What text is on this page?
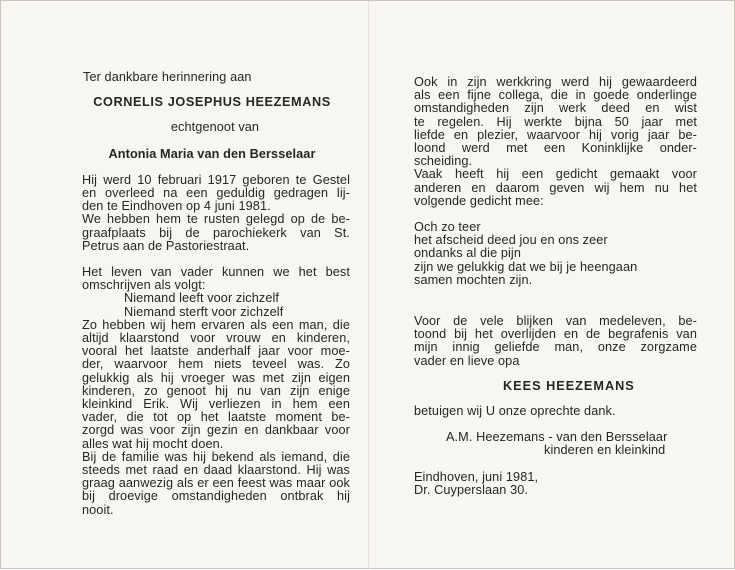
Ter dankbare herinnering aan
CORNELIS JOSEPHUS HEEZEMANS
echtgenoot van
Antonia Maria van den Bersselaar
Hij werd 10 februari 1917 geboren te Gestel
en overleed na een geduldig gedragen lij-
den te Eindhoven op 4 juni 1981.
We hebben hem te rusten gelegd op de be-
graafplaats bij de parochiekerk van St.
Petrus aan de Pastoriestraat.
Het leven van vader kunnen we het best
omschrijven als volgt:
Niemand leeft voor zichzelf
Niemand sterft voor zichzelf
Zo hebben wij hem ervaren als een man, die
altijd klaarstond voor vrouw en kinderen,
vooral het laatste anderhalf jaar voor moe-
der, waarvoor hem niets teveel was. Zo
gelukkig als hij vroeger was met zijn eigen
kinderen, zo genoot hij nu van zijn enige
kleinkind Erik. Wij verliezen in hem een
vader, die tot op het laatste moment be-
zorgd was voor zijn gezin en dankbaar voor
alles wat hij mocht doen.
Bij de familie was hij bekend als iemand, die
steeds met raad en daad klaarstond. Hij was
graag aanwezig als er een feest was maar ook
bij droevige omstandigheden ontbrak hij
nooit.
Ook in zijn werkkring werd hij gewaardeerd
als een fijne collega, die in goede onderlinge
omstandigheden zijn werk deed en wist
te regelen. Hij werkte bijna 50 jaar met
liefde en plezier, waarvoor hij vorig jaar be-
loond werd met een Koninklijke onder-
scheiding.
Vaak heeft hij een gedicht gemaakt voor
anderen en daarom geven wij hem nu het
volgende gedicht mee:
Och zo teer
het afscheid deed jou en ons zeer
ondanks al die pijn
zijn we gelukkig dat we bij je heengaan
samen mochten zijn.
Voor de vele blijken van medeleven, be-
toond bij het overlijden en de begrafenis van
mijn innig geliefde man, onze zorgzame
vader en lieve opa
KEES HEEZEMANS
betuigen wij U onze oprechte dank.
A.M. Heezemans - van den Bersselaar
kinderen en kleinkind
Eindhoven, juni 1981,
Dr. Cuyperslaan 30.
